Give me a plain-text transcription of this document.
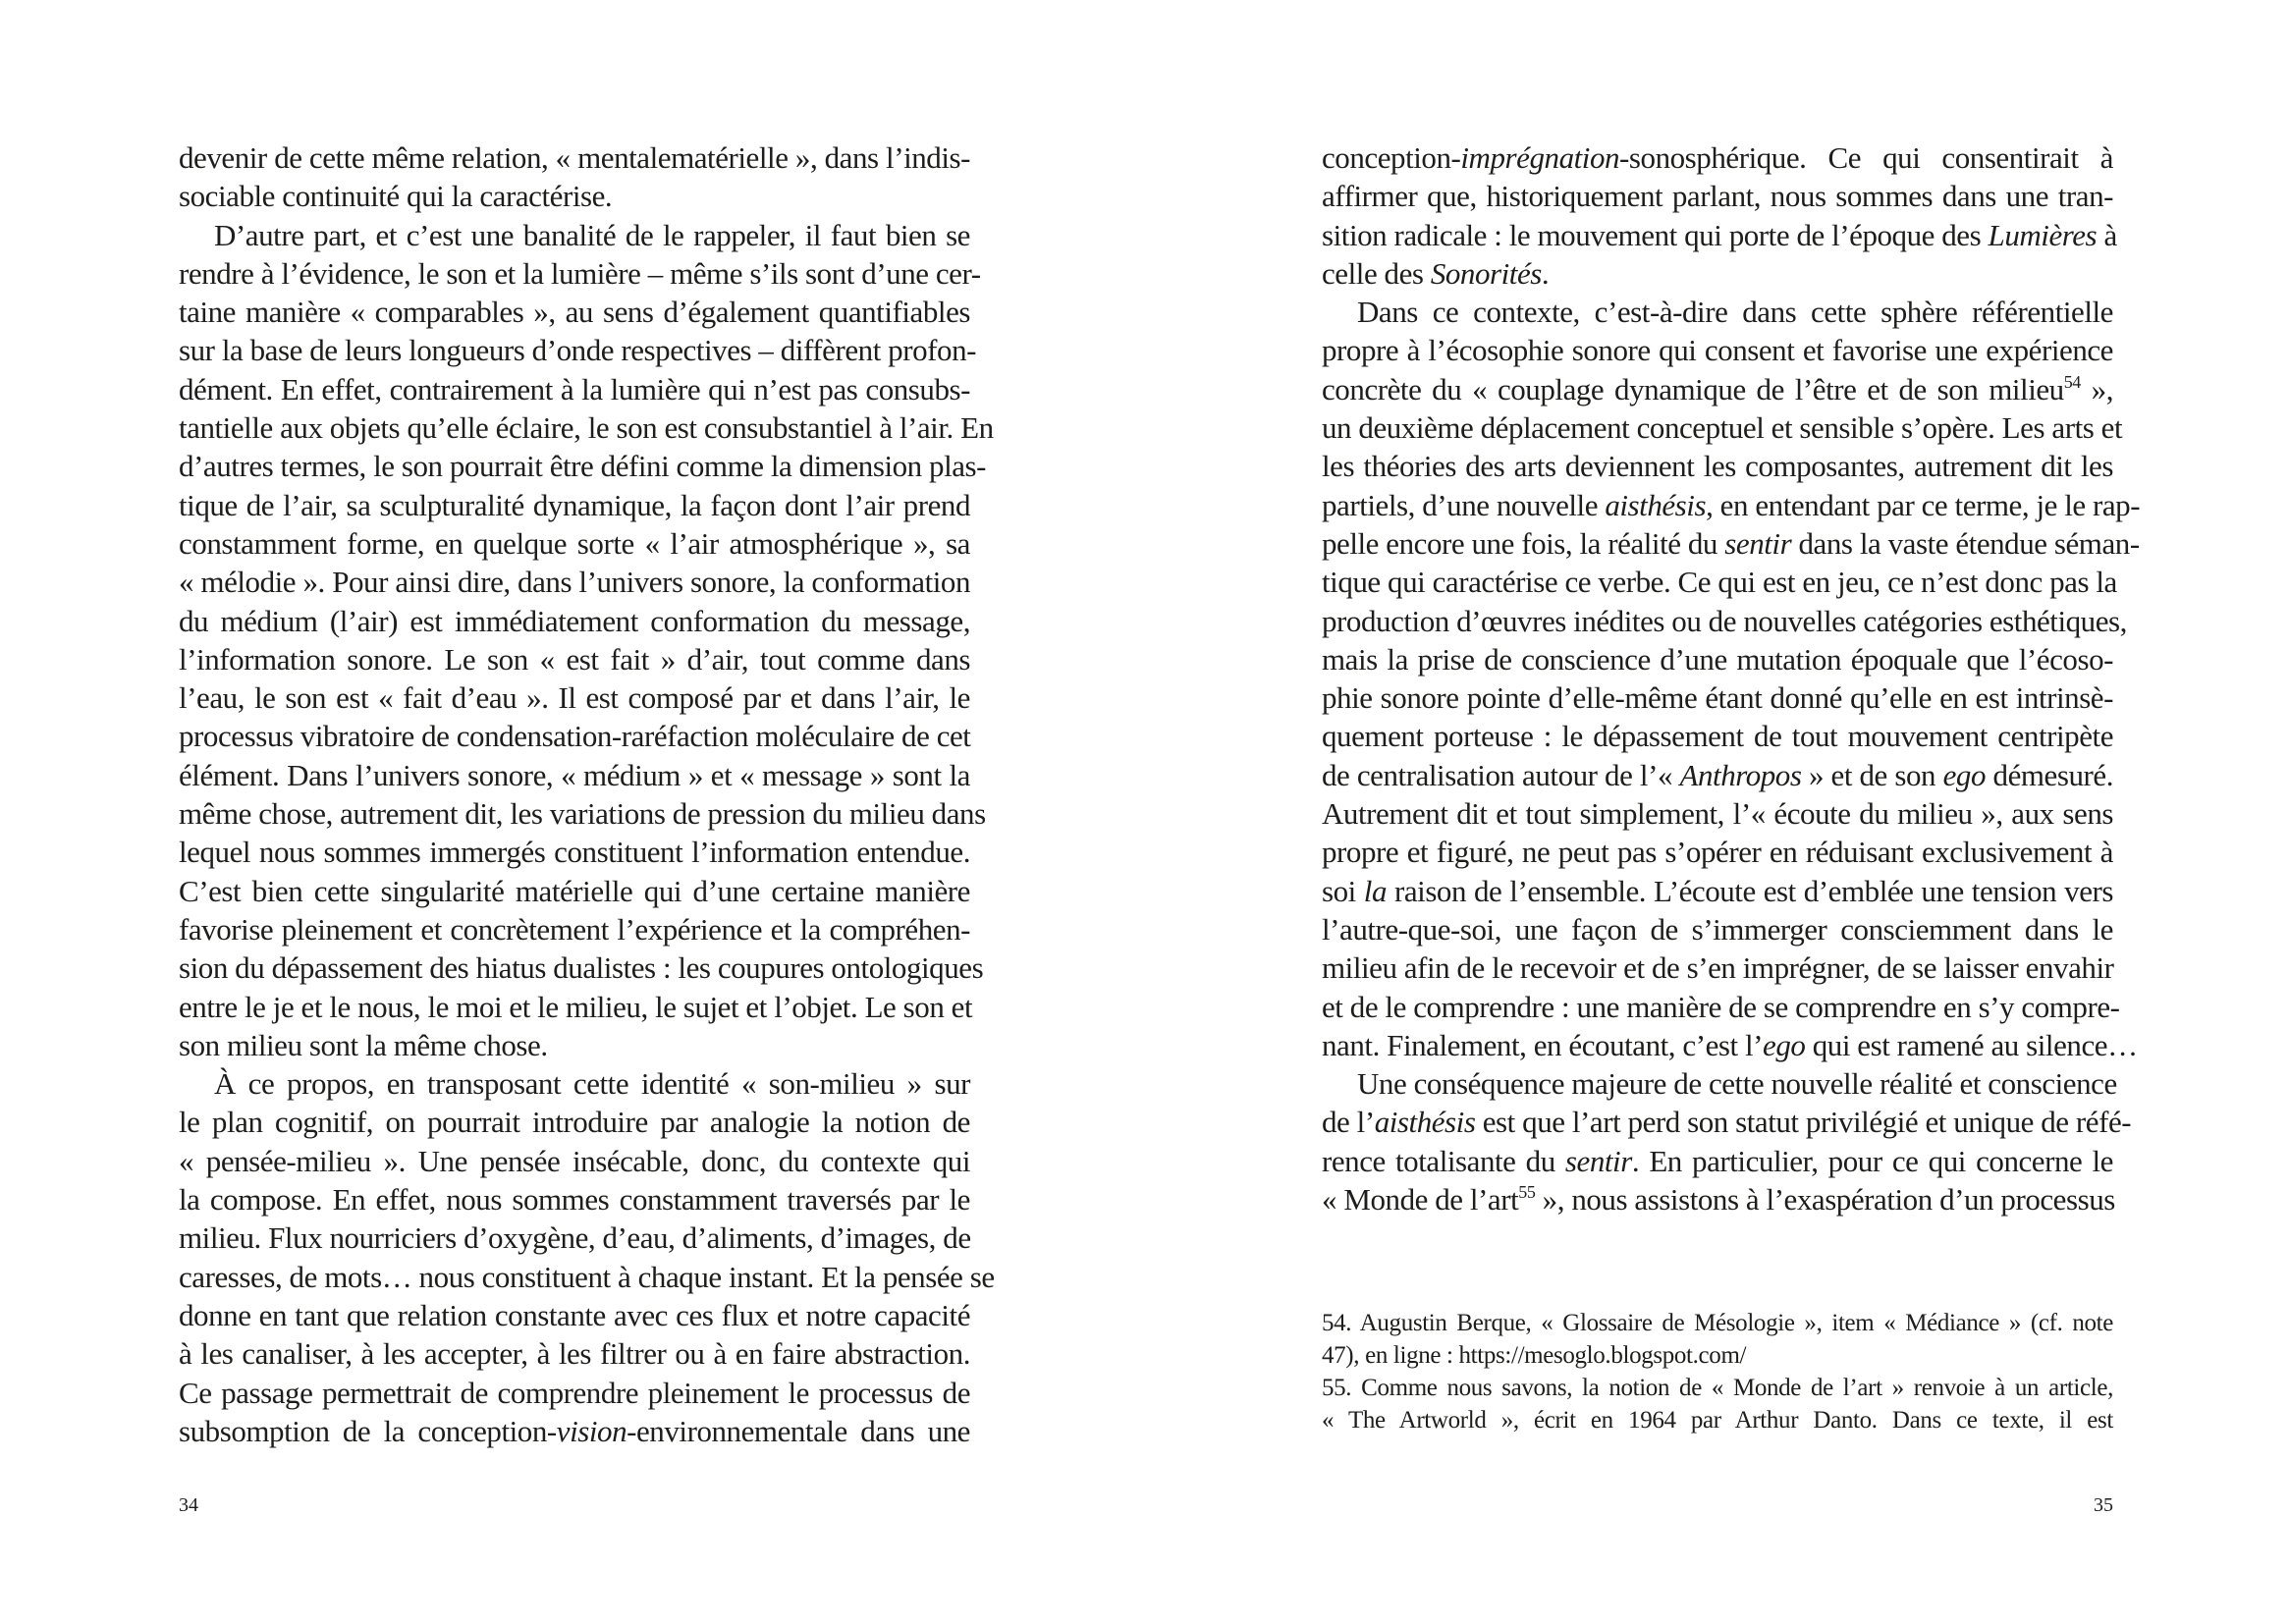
devenir de cette même relation, « mentalematérielle », dans l’indis-
sociable continuité qui la caractérise.
D’autre part, et c’est une banalité de le rappeler, il faut bien se
rendre à l’évidence, le son et la lumière – même s’ils sont d’une cer-
taine manière « comparables », au sens d’également quantifiables
sur la base de leurs longueurs d’onde respectives – diffèrent profon-
dément. En effet, contrairement à la lumière qui n’est pas consubs-
tantielle aux objets qu’elle éclaire, le son est consubstantiel à l’air. En
d’autres termes, le son pourrait être défini comme la dimension plas-
tique de l’air, sa sculpturalité dynamique, la façon dont l’air prend
constamment forme, en quelque sorte « l’air atmosphérique », sa
« mélodie ». Pour ainsi dire, dans l’univers sonore, la conformation
du médium (l’air) est immédiatement conformation du message,
l’information sonore. Le son « est fait » d’air, tout comme dans
l’eau, le son est « fait d’eau ». Il est composé par et dans l’air, le
processus vibratoire de condensation-raréfaction moléculaire de cet
élément. Dans l’univers sonore, « médium » et « message » sont la
même chose, autrement dit, les variations de pression du milieu dans
lequel nous sommes immergés constituent l’information entendue.
C’est bien cette singularité matérielle qui d’une certaine manière
favorise pleinement et concrètement l’expérience et la compréhen-
sion du dépassement des hiatus dualistes : les coupures ontologiques
entre le je et le nous, le moi et le milieu, le sujet et l’objet. Le son et
son milieu sont la même chose.
À ce propos, en transposant cette identité « son-milieu » sur
le plan cognitif, on pourrait introduire par analogie la notion de
« pensée-milieu ». Une pensée insécable, donc, du contexte qui
la compose. En effet, nous sommes constamment traversés par le
milieu. Flux nourriciers d’oxygène, d’eau, d’aliments, d’images, de
caresses, de mots… nous constituent à chaque instant. Et la pensée se
donne en tant que relation constante avec ces flux et notre capacité
à les canaliser, à les accepter, à les filtrer ou à en faire abstraction.
Ce passage permettrait de comprendre pleinement le processus de
subsomption de la conception-vision-environnementale dans une
34
conception-imprégnation-sonosphérique. Ce qui consentirait à
affirmer que, historiquement parlant, nous sommes dans une tran-
sition radicale : le mouvement qui porte de l’époque des Lumières à
celle des Sonorités.
Dans ce contexte, c’est-à-dire dans cette sphère référentielle
propre à l’écosophie sonore qui consent et favorise une expérience
concrète du « couplage dynamique de l’être et de son milieu$^{54}$ »,
un deuxième déplacement conceptuel et sensible s’opère. Les arts et
les théories des arts deviennent les composantes, autrement dit les
partiels, d’une nouvelle aisthésis, en entendant par ce terme, je le rap-
pelle encore une fois, la réalité du sentir dans la vaste étendue séman-
tique qui caractérise ce verbe. Ce qui est en jeu, ce n’est donc pas la
production d’œuvres inédites ou de nouvelles catégories esthétiques,
mais la prise de conscience d’une mutation époquale que l’écoso-
phie sonore pointe d’elle-même étant donné qu’elle en est intrinsè-
quement porteuse : le dépassement de tout mouvement centripète
de centralisation autour de l’« Anthropos » et de son ego démesuré.
Autrement dit et tout simplement, l’« écoute du milieu », aux sens
propre et figuré, ne peut pas s’opérer en réduisant exclusivement à
soi la raison de l’ensemble. L’écoute est d’emblée une tension vers
l’autre-que-soi, une façon de s’immerger consciemment dans le
milieu afin de le recevoir et de s’en imprégner, de se laisser envahir
et de le comprendre : une manière de se comprendre en s’y compre-
nant. Finalement, en écoutant, c’est l’ego qui est ramené au silence…
Une conséquence majeure de cette nouvelle réalité et conscience
de l’aisthésis est que l’art perd son statut privilégié et unique de réfé-
rence totalisante du sentir. En particulier, pour ce qui concerne le
« Monde de l’art$^{55}$ », nous assistons à l’exaspération d’un processus
54. Augustin Berque, « Glossaire de Mésologie », item « Médiance » (cf. note
47), en ligne : https://mesoglo.blogspot.com/
55. Comme nous savons, la notion de « Monde de l’art » renvoie à un article,
« The Artworld », écrit en 1964 par Arthur Danto. Dans ce texte, il est
35
